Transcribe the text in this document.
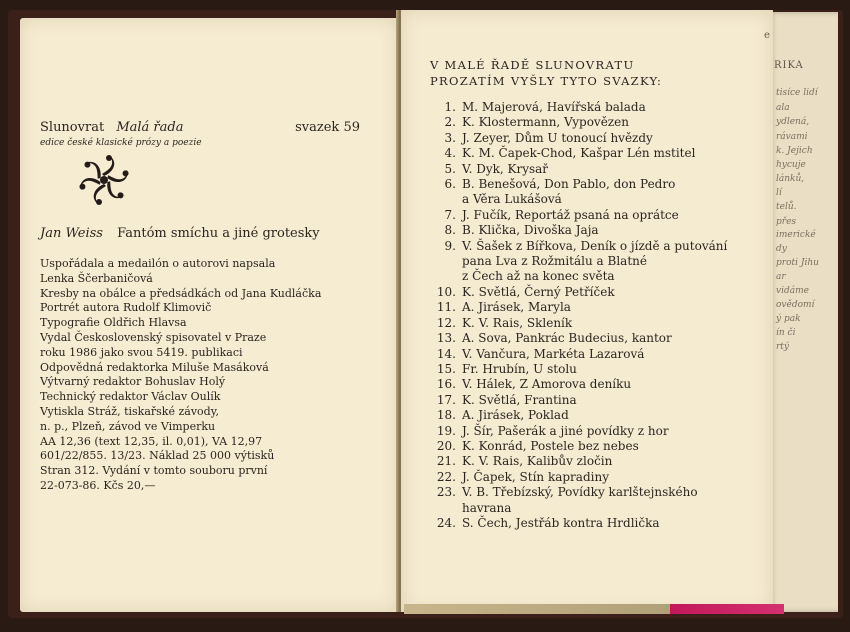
RIKA
tisíce lidí
ala
ydlená,
rávami
k. Jejich
hycuje
lánků,
lí
telů.
přes
imerické
dy
proti Jihu
ar
vidáme
ovědomí
ý pak
ín či
rtý
e
Slunovrat Malá řada	svazek 59
edice české klasické prózy a poezie
Jan Weiss Fantóm smíchu a jiné grotesky
Uspořádala a medailón o autorovi napsala
Lenka Ščerbaničová
Kresby na obálce a předsádkách od Jana Kudláčka
Portrét autora Rudolf Klimovič
Typografie Oldřich Hlavsa
Vydal Československý spisovatel v Praze
roku 1986 jako svou 5419. publikaci
Odpovědná redaktorka Miluše Masáková
Výtvarný redaktor Bohuslav Holý
Technický redaktor Václav Oulík
Vytiskla Stráž, tiskařské závody,
n. p., Plzeň, závod ve Vimperku
AA 12,36 (text 12,35, il. 0,01), VA 12,97
601/22/855. 13/23. Náklad 25 000 výtisků
Stran 312. Vydání v tomto souboru první
22-073-86. Kčs 20,—
V MALÉ ŘADĚ SLUNOVRATU
PROZATÍM VYŠLY TYTO SVAZKY:
1. M. Majerová, Havířská balada
2. K. Klostermann, Vypovězen
3. J. Zeyer, Dům U tonoucí hvězdy
4. K. M. Čapek-Chod, Kašpar Lén mstitel
5. V. Dyk, Krysař
6. B. Benešová, Don Pablo, don Pedro
a Věra Lukášová
7. J. Fučík, Reportáž psaná na oprátce
8. B. Klička, Divoška Jaja
9. V. Šašek z Bířkova, Deník o jízdě a putování
pana Lva z Rožmitálu a Blatné
z Čech až na konec světa
10. K. Světlá, Černý Petříček
11. A. Jirásek, Maryla
12. K. V. Rais, Skleník
13. A. Sova, Pankrác Budecius, kantor
14. V. Vančura, Markéta Lazarová
15. Fr. Hrubín, U stolu
16. V. Hálek, Z Amorova deníku
17. K. Světlá, Frantina
18. A. Jirásek, Poklad
19. J. Šír, Pašerák a jiné povídky z hor
20. K. Konrád, Postele bez nebes
21. K. V. Rais, Kalibův zločin
22. J. Čapek, Stín kapradiny
23. V. B. Třebízský, Povídky karlštejnského
havrana
24. S. Čech, Jestřáb kontra Hrdlička
